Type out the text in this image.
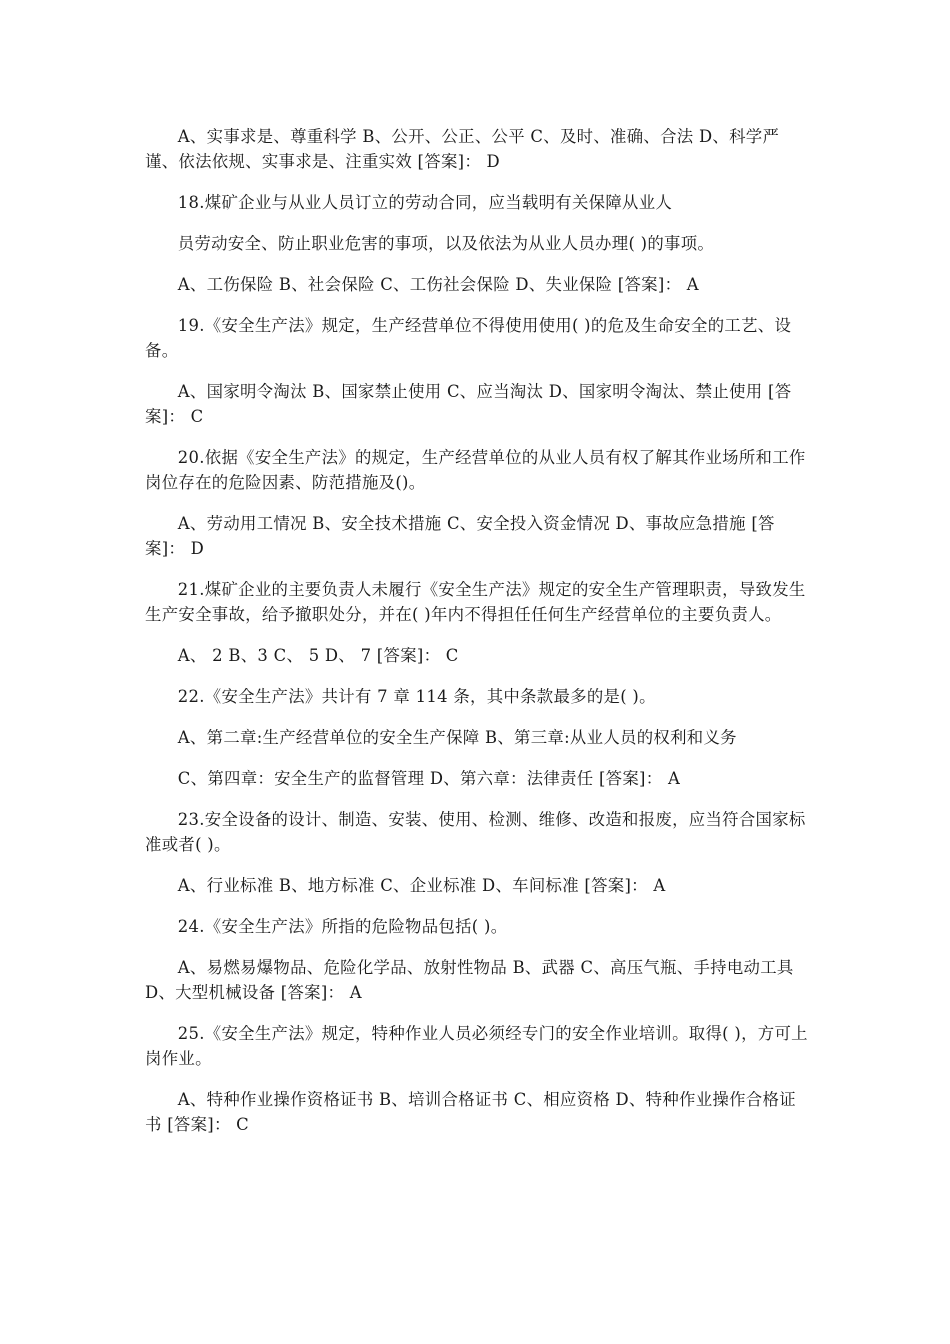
A、实事求是、尊重科学 B、公开、公正、公平 C、及时、准确、合法 D、科学严谨、依法依规、实事求是、注重实效 [答案]： D

18.煤矿企业与从业人员订立的劳动合同，应当载明有关保障从业人

员劳动安全、防止职业危害的事项，以及依法为从业人员办理( )的事项。

A、工伤保险 B、社会保险 C、工伤社会保险 D、失业保险 [答案]： A

19.《安全生产法》规定，生产经营单位不得使用使用( )的危及生命安全的工艺、设备。

A、国家明令淘汰 B、国家禁止使用 C、应当淘汰 D、国家明令淘汰、禁止使用 [答案]： C

20.依据《安全生产法》的规定，生产经营单位的从业人员有权了解其作业场所和工作岗位存在的危险因素、防范措施及()。

A、劳动用工情况 B、安全技术措施 C、安全投入资金情况 D、事故应急措施 [答案]： D

21.煤矿企业的主要负责人未履行《安全生产法》规定的安全生产管理职责，导致发生生产安全事故，给予撤职处分，并在( )年内不得担任任何生产经营单位的主要负责人。

A、 2 B、3 C、 5 D、 7 [答案]： C

22.《安全生产法》共计有 7 章 114 条，其中条款最多的是( )。

A、第二章:生产经营单位的安全生产保障 B、第三章:从业人员的权利和义务

C、第四章：安全生产的监督管理 D、第六章：法律责任 [答案]： A

23.安全设备的设计、制造、安装、使用、检测、维修、改造和报废，应当符合国家标准或者( )。

A、行业标准 B、地方标准 C、企业标准 D、车间标准 [答案]： A

24.《安全生产法》所指的危险物品包括( )。

A、易燃易爆物品、危险化学品、放射性物品 B、武器 C、高压气瓶、手持电动工具 D、大型机械设备 [答案]： A

25.《安全生产法》规定，特种作业人员必须经专门的安全作业培训。取得( )，方可上岗作业。

A、特种作业操作资格证书 B、培训合格证书 C、相应资格 D、特种作业操作合格证书 [答案]： C
